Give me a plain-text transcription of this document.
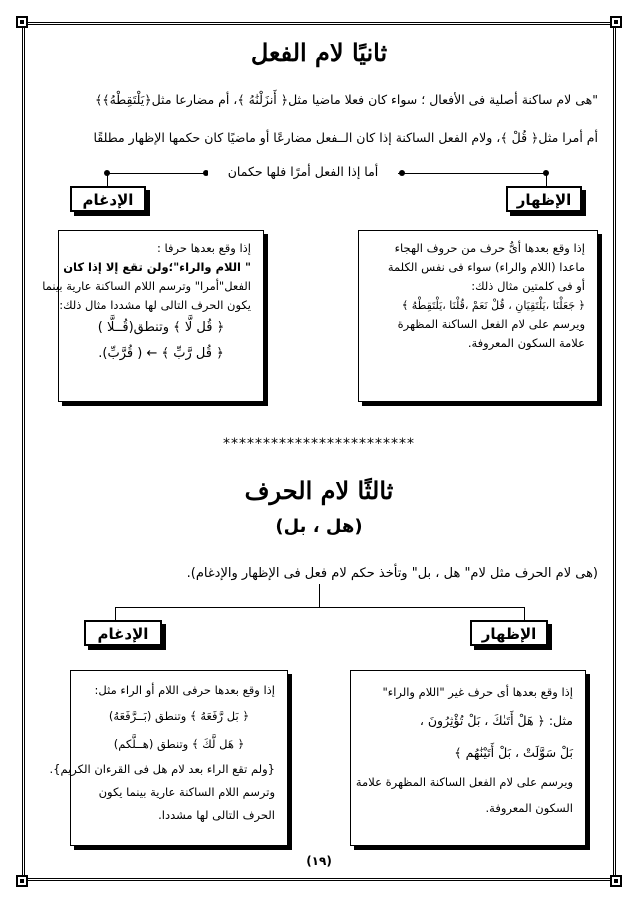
ثانيًا لام الفعل
"هى لام ساكنة أصلية فى الأفعال ؛ سواء كان فعلا ماضيا مثل﴿ أَنزَلْنَٰهُ ﴾، أم مضارعا مثل﴿يَلْتَقِطْهُ﴾﴾
أم أمرا مثل﴿ قُلْ ﴾، ولام الفعل الساكنة إذا كان الــفعل مضارعًا أو ماضيًا كان حكمها الإظهار مطلقًا
أما إذا الفعل أمرًا فلها حكمان
الإدغام	الإظهار

إذا وقع بعدها حرفا :

" اللام والراء"؛ولن تقع إلا إذا كان

الفعل"أمرا" وترسم اللام الساكنة عارية بينما

يكون الحرف التالى لها مشددا مثال ذلك:

﴿ قُل لَّا ﴾ وتنطق(قُــلَّا )

﴿ قُل رَّبِّ ﴾ ← ( قُرَّبِّ).

إذا وقع بعدها أىُّ حرف من حروف الهجاء

ماعدا (اللام والراء) سواء فى نفس الكلمة

أو فى كلمتين مثال ذلك:

﴿ جَعَلْنَا ،يَلْتَقِيَانِ ، قُلْ نَعَمْ ،قُلْنَا ،يَلْتَقِطْهُ ﴾

ويرسم على لام الفعل الساكنة المظهرة

علامة السكون المعروفة.

************************
ثالثًا لام الحرف
(هل ، بل)
(هى لام الحرف مثل لام" هل ، بل" وتأخذ حكم لام فعل فى الإظهار والإدغام).
الإدغام	الإظهار

إذا وقع بعدها حرفى اللام أو الراء مثل:

﴿ بَل رَّفَعَهُ ﴾ وتنطق (بَــرَّفَعَهُ)

﴿ هَل لَّكَ ﴾ وتنطق (هــلَّكم)

{ولم تقع الراء بعد لام هل فى القرءان الكريم}.

وترسم اللام الساكنة عارية بينما يكون

الحرف التالى لها مشددا.

إذا وقع بعدها أى حرف غير "اللام والراء"

مثل: ﴿ هَلْ أَتَىٰكَ ، بَلْ تُؤْثِرُونَ ،

بَلْ سَوَّلَتْ ، بَلْ أَتَيْنَٰهُم ﴾

ويرسم على لام الفعل الساكنة المظهرة علامة

السكون المعروفة.

(١٩)
